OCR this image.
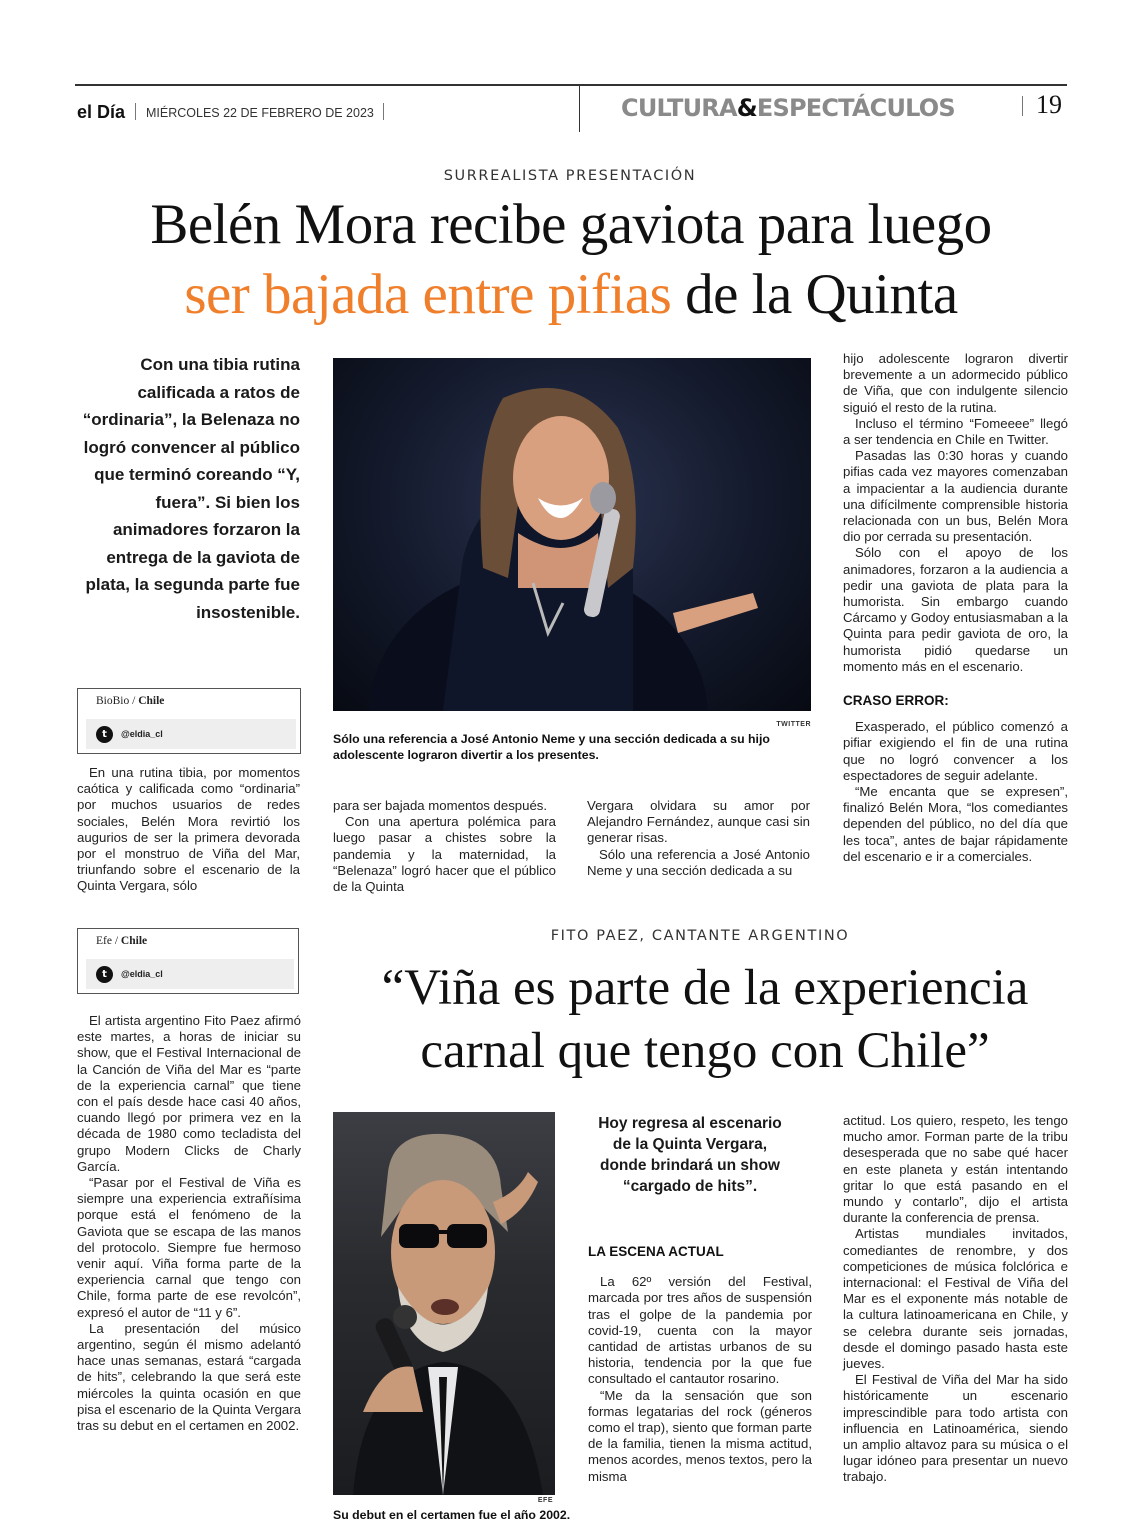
el Día MIÉRCOLES 22 DE FEBRERO DE 2023	CULTURA&ESPECTÁCULOS	19
SURREALISTA PRESENTACIÓN
Belén Mora recibe gaviota para luego
ser bajada entre pifias de la Quinta
Con una tibia rutina calificada a ratos de “ordinaria”, la Belenaza no logró convencer al público que terminó coreando “Y, fuera”. Si bien los animadores forzaron la entrega de la gaviota de plata, la segunda parte fue insostenible.
TWITTER
Sólo una referencia a José Antonio Neme y una sección dedicada a su hijo adolescente lograron divertir a los presentes.
BioBio / Chile
t	@eldia_cl

En una rutina tibia, por momentos caótica y calificada como “ordinaria” por muchos usuarios de redes sociales, Belén Mora revirtió los augurios de ser la primera devorada por el monstruo de Viña del Mar, triunfando sobre el escenario de la Quinta Vergara, sólo

para ser bajada momentos después.

Con una apertura polémica para luego pasar a chistes sobre la pandemia y la maternidad, la “Belenaza” logró hacer que el público de la Quinta

Vergara olvidara su amor por Alejandro Fernández, aunque casi sin generar risas.

Sólo una referencia a José Antonio Neme y una sección dedicada a su

hijo adolescente lograron divertir brevemente a un adormecido público de Viña, que con indulgente silencio siguió el resto de la rutina.

Incluso el término “Fomeeee” llegó a ser tendencia en Chile en Twitter.

Pasadas las 0:30 horas y cuando pifias cada vez mayores comenzaban a impacientar a la audiencia durante una difícilmente comprensible historia relacionada con un bus, Belén Mora dio por cerrada su presentación.

Sólo con el apoyo de los animadores, forzaron a la audiencia a pedir una gaviota de plata para la humorista. Sin embargo cuando Cárcamo y Godoy entusiasmaban a la Quinta para pedir gaviota de oro, la humorista pidió quedarse un momento más en el escenario.

CRASO ERROR:

Exasperado, el público comenzó a pifiar exigiendo el fin de una rutina que no logró convencer a los espectadores de seguir adelante.

“Me encanta que se expresen”, finalizó Belén Mora, “los comediantes dependen del público, no del día que les toca”, antes de bajar rápidamente del escenario e ir a comerciales.

Efe / Chile
t	@eldia_cl
FITO PAEZ, CANTANTE ARGENTINO
“Viña es parte de la experiencia
carnal que tengo con Chile”

El artista argentino Fito Paez afirmó este martes, a horas de iniciar su show, que el Festival Internacional de la Canción de Viña del Mar es “parte de la experiencia carnal” que tiene con el país desde hace casi 40 años, cuando llegó por primera vez en la década de 1980 como tecladista del grupo Modern Clicks de Charly García.

“Pasar por el Festival de Viña es siempre una experiencia extrañísima porque está el fenómeno de la Gaviota que se escapa de las manos del protocolo. Siempre fue hermoso venir aquí. Viña forma parte de la experiencia carnal que tengo con Chile, forma parte de ese revolcón”, expresó el autor de “11 y 6”.

La presentación del músico argentino, según él mismo adelantó hace unas semanas, estará “cargada de hits”, celebrando la que será este miércoles la quinta ocasión en que pisa el escenario de la Quinta Vergara tras su debut en el certamen en 2002.

EFE
Su debut en el certamen fue el año 2002.
Hoy regresa al escenario de la Quinta Vergara, donde brindará un show “cargado de hits”.
LA ESCENA ACTUAL

La 62º versión del Festival, marcada por tres años de suspensión tras el golpe de la pandemia por covid-19, cuenta con la mayor cantidad de artistas urbanos de su historia, tendencia por la que fue consultado el cantautor rosarino.

“Me da la sensación que son formas legatarias del rock (géneros como el trap), siento que forman parte de la familia, tienen la misma actitud, menos acordes, menos textos, pero la misma

actitud. Los quiero, respeto, les tengo mucho amor. Forman parte de la tribu desesperada que no sabe qué hacer en este planeta y están intentando gritar lo que está pasando en el mundo y contarlo”, dijo el artista durante la conferencia de prensa.

Artistas mundiales invitados, comediantes de renombre, y dos competiciones de música folclórica e internacional: el Festival de Viña del Mar es el exponente más notable de la cultura latinoamericana en Chile, y se celebra durante seis jornadas, desde el domingo pasado hasta este jueves.

El Festival de Viña del Mar ha sido históricamente un escenario imprescindible para todo artista con influencia en Latinoamérica, siendo un amplio altavoz para su música o el lugar idóneo para presentar un nuevo trabajo.
